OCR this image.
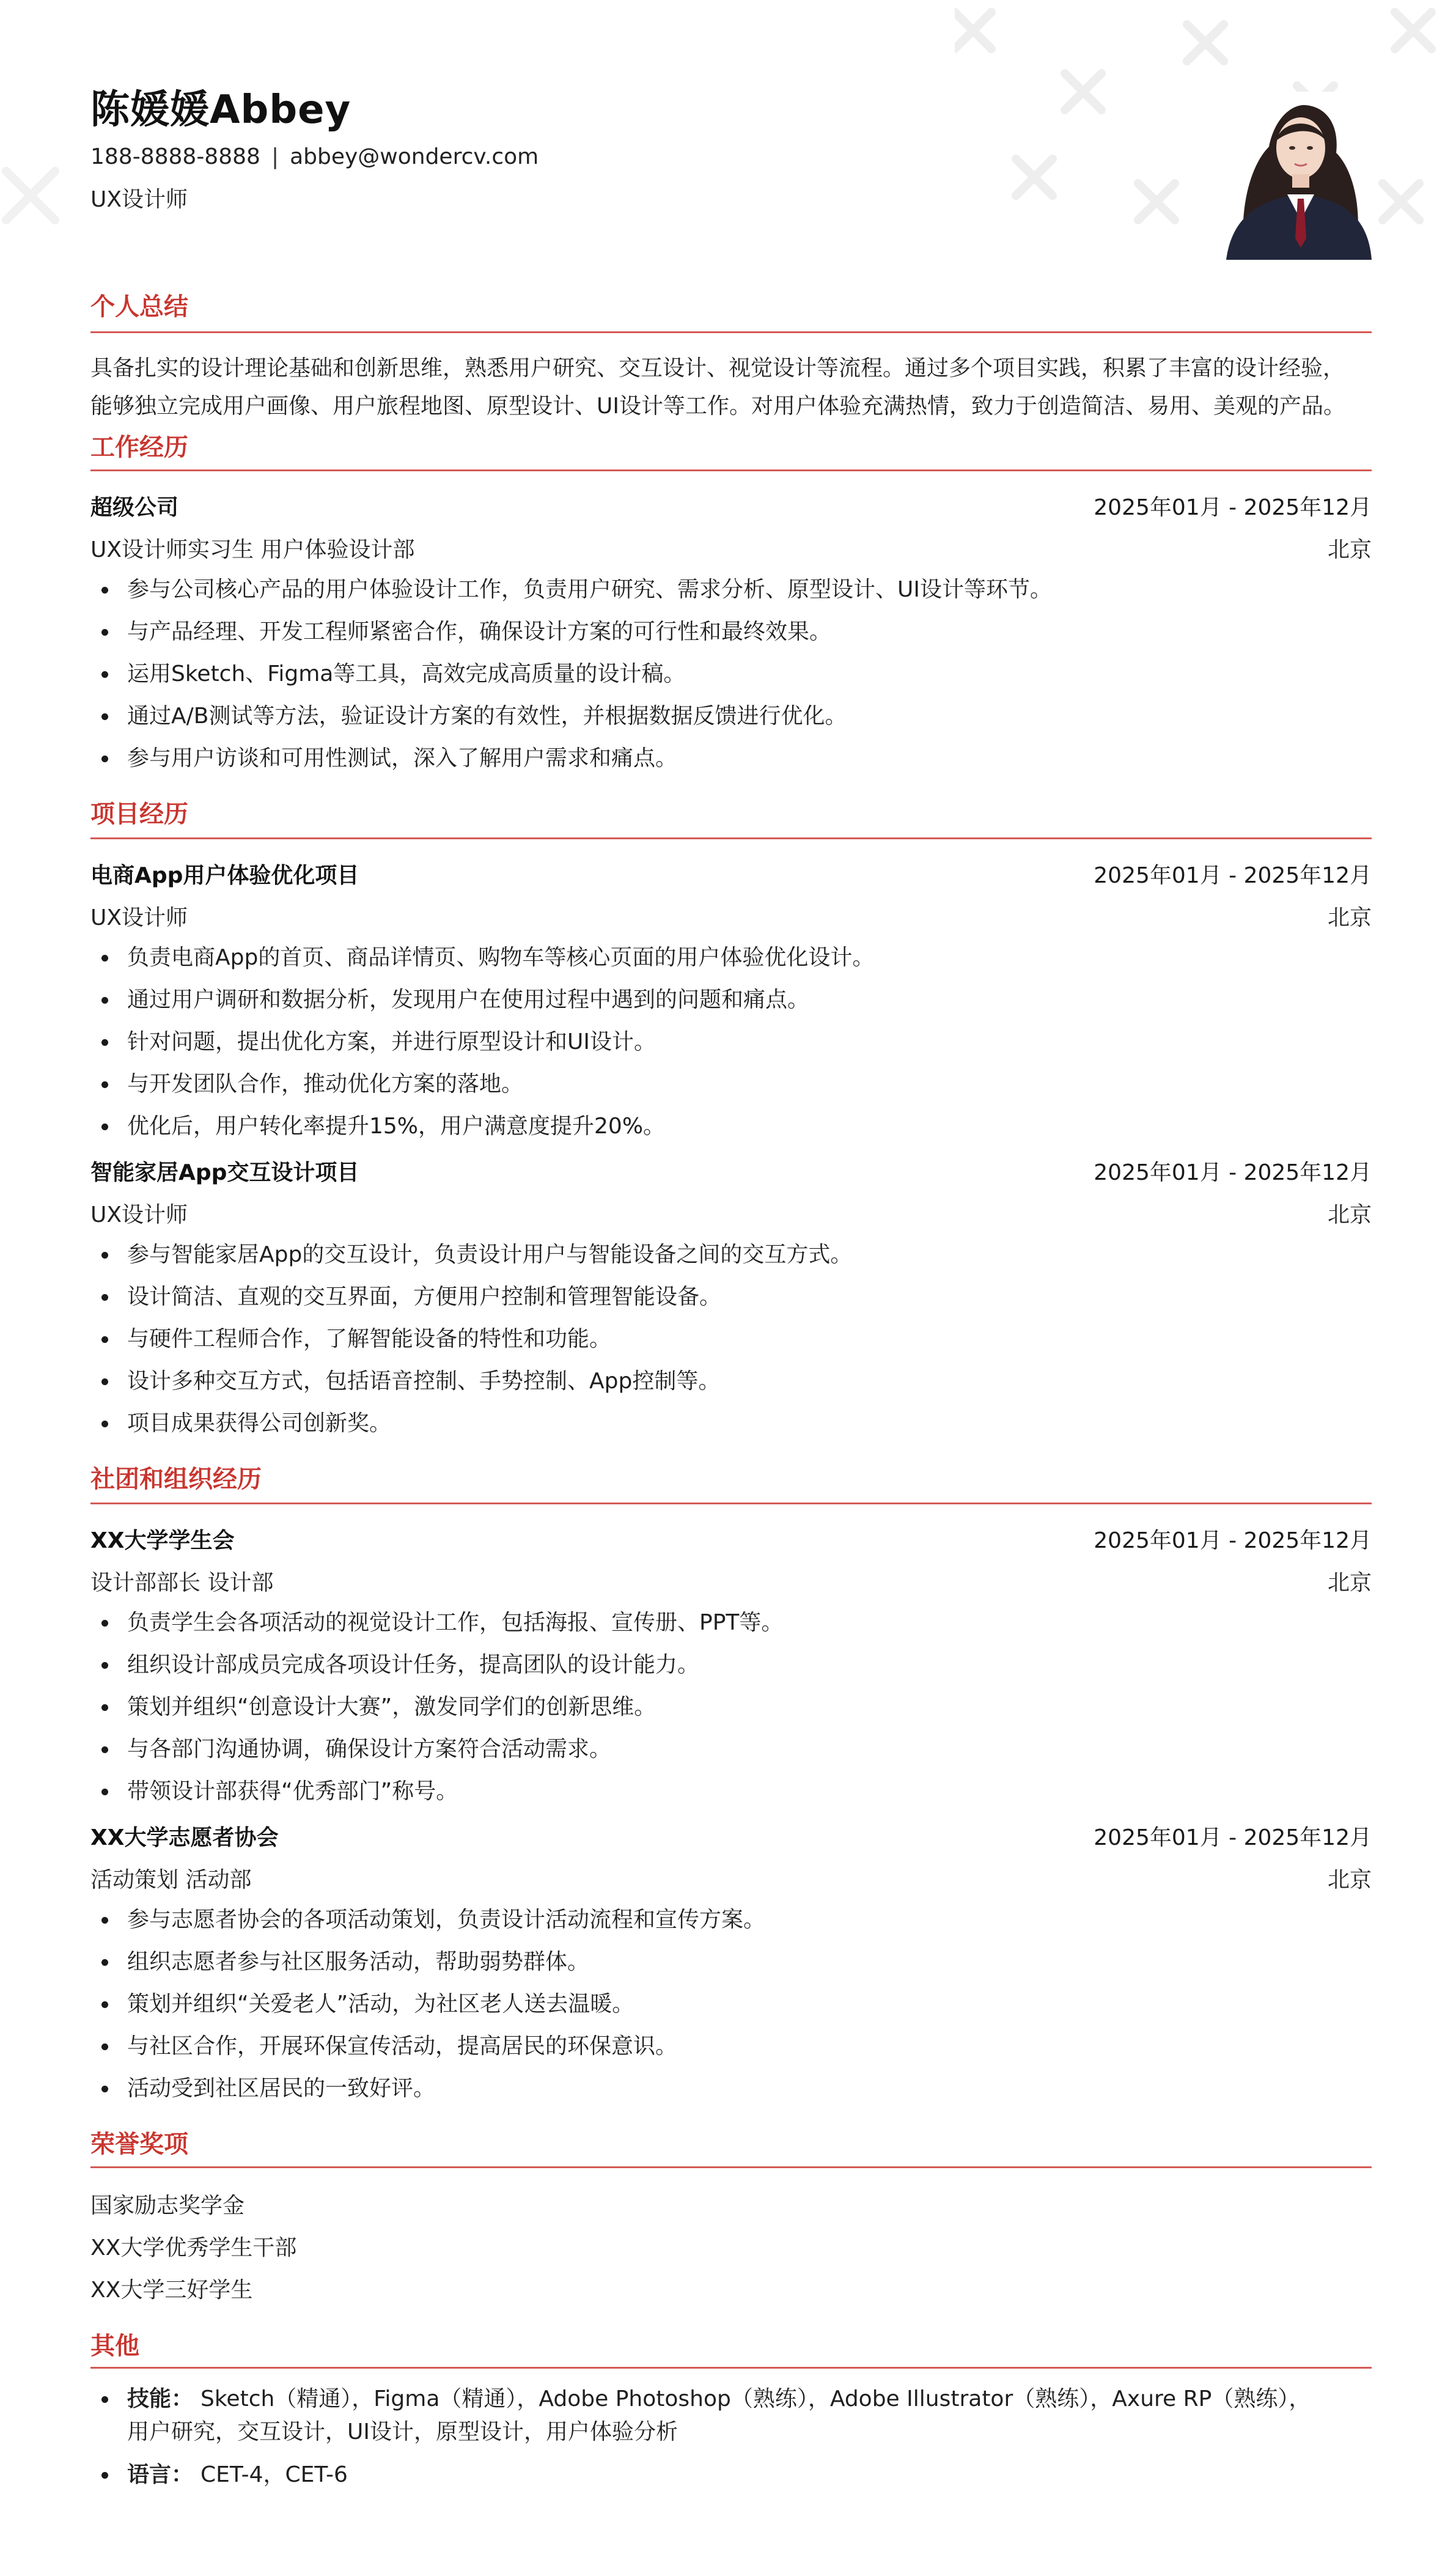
陈媛媛Abbey
188-8888-8888 | abbey@wondercv.com
UX设计师
个人总结
具备扎实的设计理论基础和创新思维，熟悉用户研究、交互设计、视觉设计等流程。通过多个项目实践，积累了丰富的设计经验，
能够独立完成用户画像、用户旅程地图、原型设计、UI设计等工作。对用户体验充满热情，致力于创造简洁、易用、美观的产品。
工作经历
超级公司	2025年01月 - 2025年12月
UX设计师实习生 用户体验设计部	北京
参与公司核心产品的用户体验设计工作，负责用户研究、需求分析、原型设计、UI设计等环节。
与产品经理、开发工程师紧密合作，确保设计方案的可行性和最终效果。
运用Sketch、Figma等工具，高效完成高质量的设计稿。
通过A/B测试等方法，验证设计方案的有效性，并根据数据反馈进行优化。
参与用户访谈和可用性测试，深入了解用户需求和痛点。
项目经历
电商App用户体验优化项目	2025年01月 - 2025年12月
UX设计师	北京
负责电商App的首页、商品详情页、购物车等核心页面的用户体验优化设计。
通过用户调研和数据分析，发现用户在使用过程中遇到的问题和痛点。
针对问题，提出优化方案，并进行原型设计和UI设计。
与开发团队合作，推动优化方案的落地。
优化后，用户转化率提升15%，用户满意度提升20%。
智能家居App交互设计项目	2025年01月 - 2025年12月
UX设计师	北京
参与智能家居App的交互设计，负责设计用户与智能设备之间的交互方式。
设计简洁、直观的交互界面，方便用户控制和管理智能设备。
与硬件工程师合作，了解智能设备的特性和功能。
设计多种交互方式，包括语音控制、手势控制、App控制等。
项目成果获得公司创新奖。
社团和组织经历
XX大学学生会	2025年01月 - 2025年12月
设计部部长 设计部	北京
负责学生会各项活动的视觉设计工作，包括海报、宣传册、PPT等。
组织设计部成员完成各项设计任务，提高团队的设计能力。
策划并组织“创意设计大赛”，激发同学们的创新思维。
与各部门沟通协调，确保设计方案符合活动需求。
带领设计部获得“优秀部门”称号。
XX大学志愿者协会	2025年01月 - 2025年12月
活动策划 活动部	北京
参与志愿者协会的各项活动策划，负责设计活动流程和宣传方案。
组织志愿者参与社区服务活动，帮助弱势群体。
策划并组织“关爱老人”活动，为社区老人送去温暖。
与社区合作，开展环保宣传活动，提高居民的环保意识。
活动受到社区居民的一致好评。
荣誉奖项
国家励志奖学金
XX大学优秀学生干部
XX大学三好学生
其他
技能： Sketch（精通），Figma（精通），Adobe Photoshop（熟练），Adobe Illustrator（熟练），Axure RP（熟练），
用户研究，交互设计，UI设计，原型设计，用户体验分析
语言： CET-4，CET-6
